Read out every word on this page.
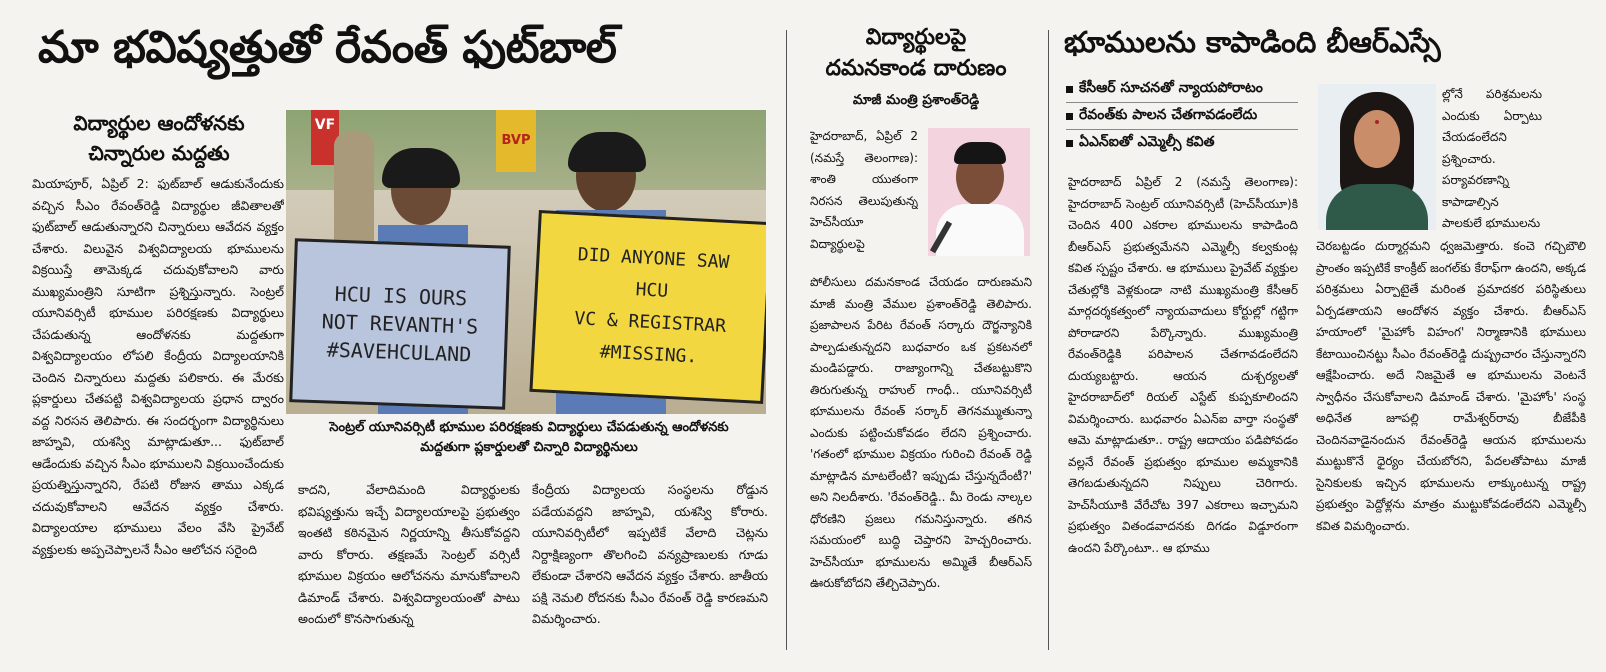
మా భవిష్యత్తుతో రేవంత్ ఫుట్‌బాల్
విద్యార్థుల ఆందోళనకు
చిన్నారుల మద్దతు

మియాపూర్, ఏప్రిల్ 2: ఫుట్‌బాల్ ఆడుకునేందుకు వచ్చిన సీఎం రేవంత్‌రెడ్డి విద్యార్థుల జీవితాలతో ఫుట్‌బాల్ ఆడుతున్నారని చిన్నారులు ఆవేదన వ్యక్తం చేశారు. విలువైన విశ్వవిద్యాలయ భూములను విక్రయిస్తే తామెక్కడ చదువుకోవాలని వారు ముఖ్యమంత్రిని సూటిగా ప్రశ్నిస్తున్నారు. సెంట్రల్ యూనివర్సిటీ భూముల పరిరక్షణకు విద్యార్థులు చేపడుతున్న ఆందోళనకు మద్దతుగా విశ్వవిద్యాలయం లోపలి కేంద్రీయ విద్యాలయానికి చెందిన చిన్నారులు మద్దతు పలికారు. ఈ మేరకు ప్లకార్డులు చేతపట్టి విశ్వవిద్యాలయ ప్రధాన ద్వారం వద్ద నిరసన తెలిపారు. ఈ సందర్భంగా విద్యార్థినులు జాహ్నవి, యశస్వి మాట్లాడుతూ... ఫుట్‌బాల్ ఆడేందుకు వచ్చిన సీఎం భూములని విక్రయించేందుకు ప్రయత్నిస్తున్నారని, రేపటి రోజున తాము ఎక్కడ చదువుకోవాలని ఆవేదన వ్యక్తం చేశారు. విద్యాలయాల భూములు వేలం వేసి ప్రైవేట్ వ్యక్తులకు అప్పచెప్పాలనే సీఎం ఆలోచన సరైంది

VF
BVP
HCU IS OURS
NOT REVANTH'S
#SAVEHCULAND
DID ANYONE SAW
HCU
VC & REGISTRAR
#MISSING.
సెంట్రల్ యూనివర్సిటీ భూముల పరిరక్షణకు విద్యార్థులు చేపడుతున్న ఆందోళనకు మద్దతుగా ప్లకార్డులతో చిన్నారి విద్యార్థినులు

కాదని, వేలాదిమంది విద్యార్థులకు భవిష్యత్తును ఇచ్చే విద్యాలయాలపై ప్రభుత్వం ఇంతటి కఠినమైన నిర్ణయాన్ని తీసుకోవద్దని వారు కోరారు. తక్షణమే సెంట్రల్ వర్సిటీ భూముల విక్రయం ఆలోచనను మానుకోవాలని డిమాండ్ చేశారు. విశ్వవిద్యాలయంతో పాటు అందులో కొనసాగుతున్న

కేంద్రీయ విద్యాలయ సంస్థలను రోడ్డున పడేయవద్దని జాహ్నవి, యశస్వి కోరారు. యూనివర్సిటీలో ఇప్పటికే వేలాది చెట్లను నిర్దాక్షిణ్యంగా తొలగించి వన్యప్రాణులకు గూడు లేకుండా చేశారని ఆవేదన వ్యక్తం చేశారు. జాతీయ పక్షి నెమలి రోదనకు సీఎం రేవంత్ రెడ్డి కారణమని విమర్శించారు.

విద్యార్థులపై
దమనకాండ దారుణం
మాజీ మంత్రి ప్రశాంత్‌రెడ్డి

హైదరాబాద్, ఏప్రిల్ 2 (నమస్తే తెలంగాణ): శాంతి యుతంగా నిరసన తెలుపుతున్న హెచ్‌సీయూ విద్యార్థులపై

పోలీసులు దమనకాండ చేయడం దారుణమని మాజీ మంత్రి వేముల ప్రశాంత్‌రెడ్డి తెలిపారు. ప్రజాపాలన పేరిట రేవంత్ సర్కారు దౌర్జన్యానికి పాల్పడుతున్నదని బుధవారం ఒక ప్రకటనలో మండిపడ్డారు. రాజ్యాంగాన్ని చేతబట్టుకొని తిరుగుతున్న రాహుల్ గాంధీ.. యూనివర్సిటీ భూములను రేవంత్ సర్కార్ తెగనమ్ముతున్నా ఎందుకు పట్టించుకోవడం లేదని ప్రశ్నించారు. 'గతంలో భూముల విక్రయం గురించి రేవంత్ రెడ్డి మాట్లాడిన మాటలేంటీ? ఇప్పుడు చేస్తున్నదేంటీ?' అని నిలదీశారు. 'రేవంత్‌రెడ్డి.. మీ రెండు నాల్కల ధోరణిని ప్రజలు గమనిస్తున్నారు. తగిన సమయంలో బుద్ధి చెప్తారని హెచ్చరించారు. హెచ్‌సీయూ భూములను అమ్మితే బీఆర్‌ఎస్ ఊరుకోబోదని తేల్చిచెప్పారు.

భూములను కాపాడింది బీఆర్‌ఎస్సే
కేసీఆర్ సూచనతో న్యాయపోరాటం
రేవంత్‌కు పాలన చేతగావడంలేదు
ఏఎన్‌ఐతో ఎమ్మెల్సీ కవిత

హైదరాబాద్ ఏప్రిల్ 2 (నమస్తే తెలంగాణ): హైదరాబాద్ సెంట్రల్ యూనివర్సిటీ (హెచ్‌సీయూ)కి చెందిన 400 ఎకరాల భూములను కాపాడింది బీఆర్‌ఎస్ ప్రభుత్వమేనని ఎమ్మెల్సీ కల్వకుంట్ల కవిత స్పష్టం చేశారు. ఆ భూములు ప్రైవేట్ వ్యక్తుల చేతుల్లోకి వెళ్లకుండా నాటి ముఖ్యమంత్రి కేసీఆర్ మార్గదర్శకత్వంలో న్యాయవాదులు కోర్టుల్లో గట్టిగా పోరాడారని పేర్కొన్నారు. ముఖ్యమంత్రి రేవంత్‌రెడ్డికి పరిపాలన చేతగావడంలేదని దుయ్యబట్టారు. ఆయన దుశ్చర్యలతో హైదరాబాద్‌లో రియల్ ఎస్టేట్ కుప్పకూలిందని విమర్శించారు. బుధవారం ఏఎన్‌ఐ వార్తా సంస్థతో ఆమె మాట్లాడుతూ.. రాష్ట్ర ఆదాయం పడిపోవడం వల్లనే రేవంత్ ప్రభుత్వం భూముల అమ్మకానికి తెగబడుతున్నదని నిప్పులు చెరిగారు. హెచ్‌సీయూకి వేరేచోట 397 ఎకరాలు ఇచ్చామని ప్రభుత్వం వితండవాదనకు దిగడం విడ్డూరంగా ఉందని పేర్కొంటూ.. ఆ భూము

ల్లోనే పరిశ్రమలను ఎందుకు ఏర్పాటు చేయడంలేదని ప్రశ్నించారు. పర్యావరణాన్ని కాపాడాల్సిన పాలకులే భూములను

చెరబట్టడం దుర్మార్గమని ధ్వజమెత్తారు. కంచె గచ్చిబౌలి ప్రాంతం ఇప్పటికే కాంక్రీట్ జంగల్‌కు కేరాఫ్‌గా ఉందని, అక్కడ పరిశ్రమలు ఏర్పాటైతే మరింత ప్రమాదకర పరిస్థితులు ఏర్పడతాయని ఆందోళన వ్యక్తం చేశారు. బీఆర్‌ఎస్ హయాంలో 'మైహోం విహంగ' నిర్మాణానికి భూములు కేటాయించినట్టు సీఎం రేవంత్‌రెడ్డి దుష్ప్రచారం చేస్తున్నారని ఆక్షేపించారు. అదే నిజమైతే ఆ భూములను వెంటనే స్వాధీనం చేసుకోవాలని డిమాండ్ చేశారు. 'మైహోం' సంస్థ అధినేత జూపల్లి రామేశ్వర్‌రావు బీజేపీకి చెందినవాడైనందున రేవంత్‌రెడ్డి ఆయన భూములను ముట్టుకొనే ధైర్యం చేయబోరని, పేదలతోపాటు మాజీ సైనికులకు ఇచ్చిన భూములను లాక్కుంటున్న రాష్ట్ర ప్రభుత్వం పెద్దోళ్లను మాత్రం ముట్టుకోవడంలేదని ఎమ్మెల్సీ కవిత విమర్శించారు.
